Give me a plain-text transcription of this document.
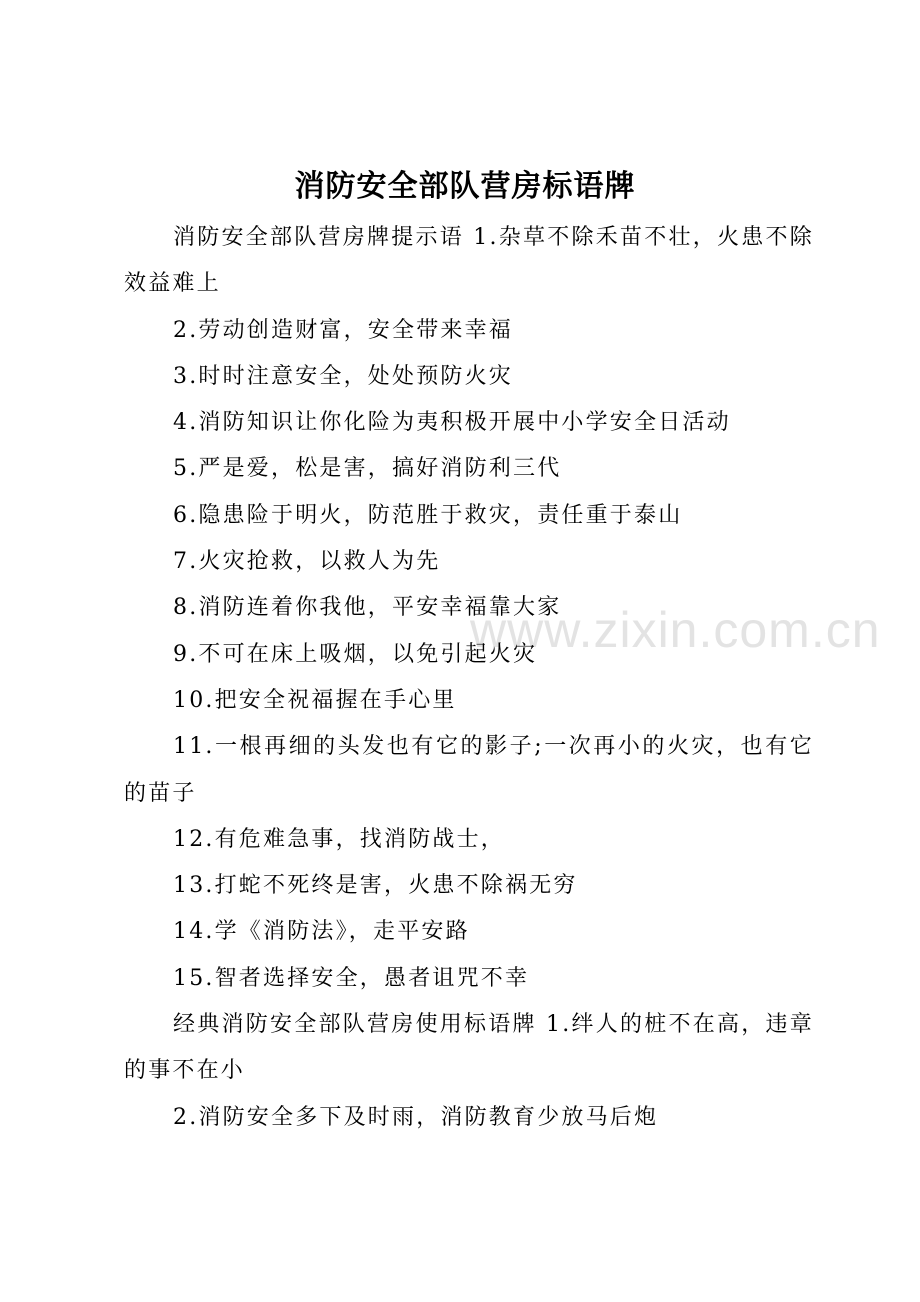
www.zixin.com.cn
消防安全部队营房标语牌

消防安全部队营房牌提示语 1.杂草不除禾苗不壮，火患不除效益难上

2.劳动创造财富，安全带来幸福

3.时时注意安全，处处预防火灾

4.消防知识让你化险为夷积极开展中小学安全日活动

5.严是爱，松是害，搞好消防利三代

6.隐患险于明火，防范胜于救灾，责任重于泰山

7.火灾抢救，以救人为先

8.消防连着你我他，平安幸福靠大家

9.不可在床上吸烟，以免引起火灾

10.把安全祝福握在手心里

11.一根再细的头发也有它的影子;一次再小的火灾，也有它的苗子

12.有危难急事，找消防战士，

13.打蛇不死终是害，火患不除祸无穷

14.学《消防法》，走平安路

15.智者选择安全，愚者诅咒不幸

经典消防安全部队营房使用标语牌 1.绊人的桩不在高，违章的事不在小

2.消防安全多下及时雨，消防教育少放马后炮
